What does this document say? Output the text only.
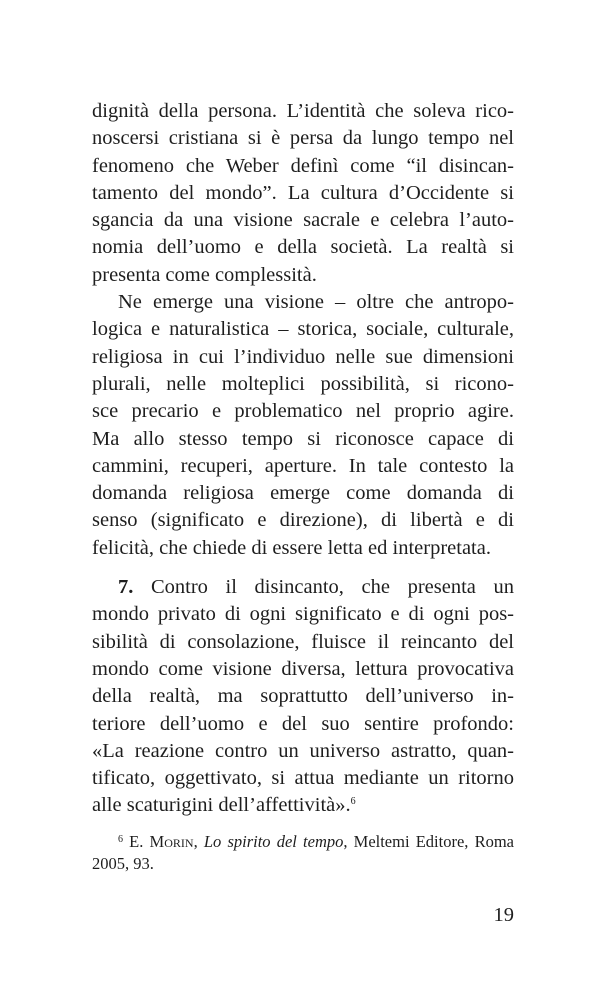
dignità della persona. L’identità che soleva rico-
noscersi cristiana si è persa da lungo tempo nel
fenomeno che Weber definì come “il disincan-
tamento del mondo”. La cultura d’Occidente si
sgancia da una visione sacrale e celebra l’auto-
nomia dell’uomo e della società. La realtà si
presenta come complessità.
Ne emerge una visione – oltre che antropo-
logica e naturalistica – storica, sociale, culturale,
religiosa in cui l’individuo nelle sue dimensioni
plurali, nelle molteplici possibilità, si ricono-
sce precario e problematico nel proprio agire.
Ma allo stesso tempo si riconosce capace di
cammini, recuperi, aperture. In tale contesto la
domanda religiosa emerge come domanda di
senso (significato e direzione), di libertà e di
felicità, che chiede di essere letta ed interpretata.
7. Contro il disincanto, che presenta un
mondo privato di ogni significato e di ogni pos-
sibilità di consolazione, fluisce il reincanto del
mondo come visione diversa, lettura provocativa
della realtà, ma soprattutto dell’universo in-
teriore dell’uomo e del suo sentire profondo:
«La reazione contro un universo astratto, quan-
tificato, oggettivato, si attua mediante un ritorno
alle scaturigini dell’affettività».$^6$
$^6$ E. Morin, Lo spirito del tempo, Meltemi Editore, Roma
2005, 93.
19
